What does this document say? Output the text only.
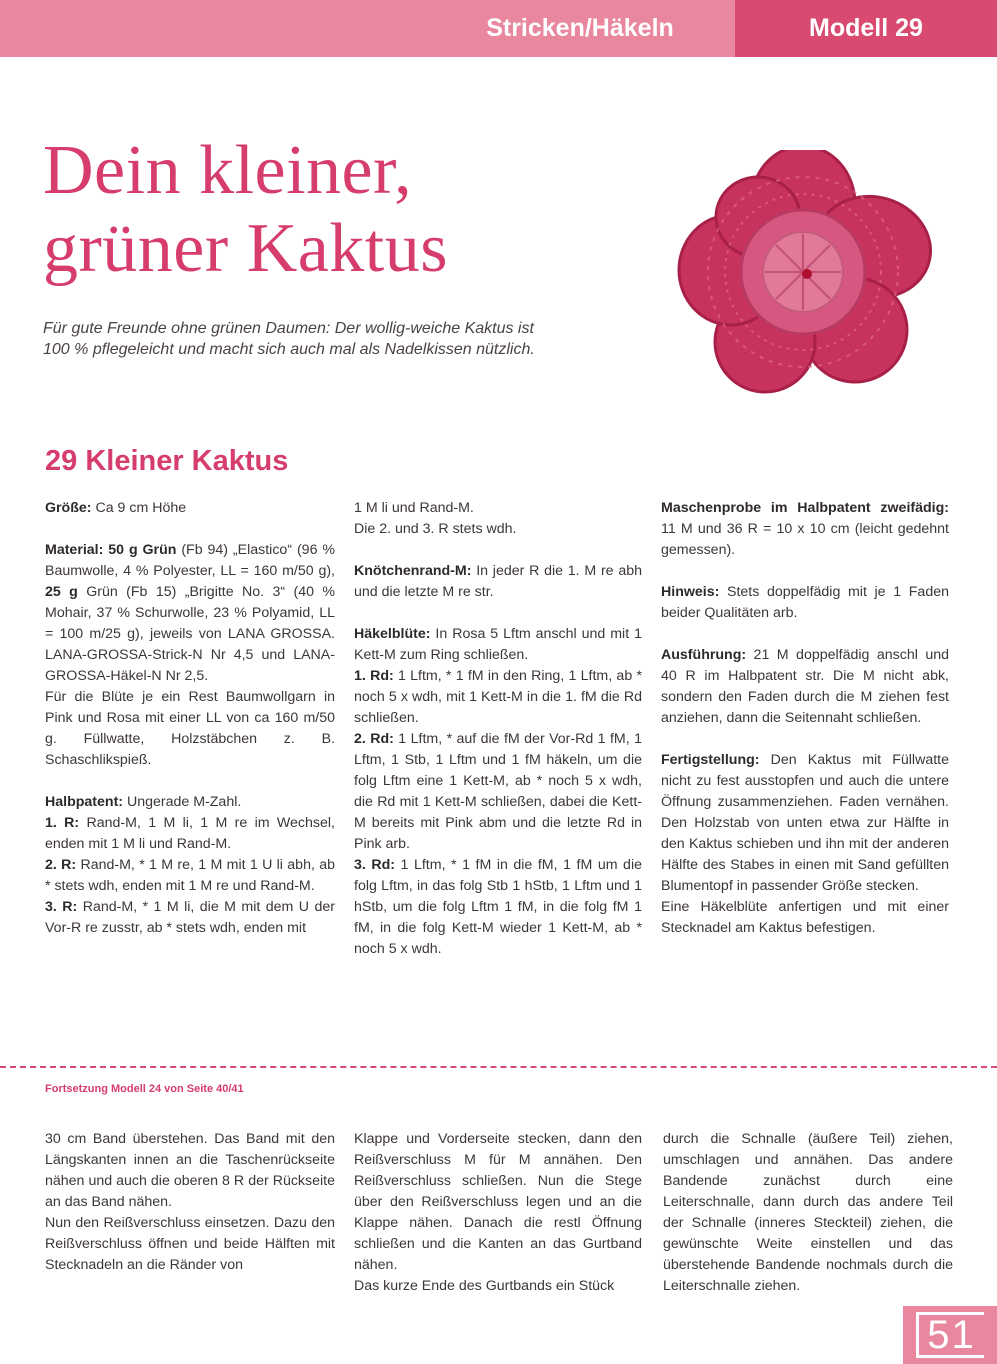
Stricken/Häkeln	Modell 29
Dein kleiner,
grüner Kaktus
Für gute Freunde ohne grünen Daumen: Der wollig-weiche Kaktus ist 100 % pflegeleicht und macht sich auch mal als Nadelkissen nützlich.
29 Kleiner Kaktus

Größe: Ca 9 cm Höhe

Material: 50 g Grün (Fb 94) „Elastico“ (96 % Baumwolle, 4 % Polyester, LL = 160 m/50 g), 25 g Grün (Fb 15) „Brigitte No. 3“ (40 % Mohair, 37 % Schurwolle, 23 % Polyamid, LL = 100 m/25 g), jeweils von LANA GROSSA. LANA-GROSSA-Strick-N Nr 4,5 und LANA-GROSSA-Häkel-N Nr 2,5.

Für die Blüte je ein Rest Baumwollgarn in Pink und Rosa mit einer LL von ca 160 m/50 g. Füllwatte, Holzstäbchen z. B. Schaschlikspieß.

Halbpatent: Ungerade M-Zahl.

1. R: Rand-M, 1 M li, 1 M re im Wechsel, enden mit 1 M li und Rand-M.

2. R: Rand-M, * 1 M re, 1 M mit 1 U li abh, ab * stets wdh, enden mit 1 M re und Rand-M.

3. R: Rand-M, * 1 M li, die M mit dem U der Vor-R re zusstr, ab * stets wdh, enden mit

1 M li und Rand-M.

Die 2. und 3. R stets wdh.

Knötchenrand-M: In jeder R die 1. M re abh und die letzte M re str.

Häkelblüte: In Rosa 5 Lftm anschl und mit 1 Kett-M zum Ring schließen.

1. Rd: 1 Lftm, * 1 fM in den Ring, 1 Lftm, ab * noch 5 x wdh, mit 1 Kett-M in die 1. fM die Rd schließen.

2. Rd: 1 Lftm, * auf die fM der Vor-Rd 1 fM, 1 Lftm, 1 Stb, 1 Lftm und 1 fM häkeln, um die folg Lftm eine 1 Kett-M, ab * noch 5 x wdh, die Rd mit 1 Kett-M schließen, dabei die Kett-M bereits mit Pink abm und die letzte Rd in Pink arb.

3. Rd: 1 Lftm, * 1 fM in die fM, 1 fM um die folg Lftm, in das folg Stb 1 hStb, 1 Lftm und 1 hStb, um die folg Lftm 1 fM, in die folg fM 1 fM, in die folg Kett-M wieder 1 Kett-M, ab * noch 5 x wdh.

Maschenprobe im Halbpatent zweifädig: 11 M und 36 R = 10 x 10 cm (leicht gedehnt gemessen).

Hinweis: Stets doppelfädig mit je 1 Faden beider Qualitäten arb.

Ausführung: 21 M doppelfädig anschl und 40 R im Halbpatent str. Die M nicht abk, sondern den Faden durch die M ziehen fest anziehen, dann die Seitennaht schließen.

Fertigstellung: Den Kaktus mit Füllwatte nicht zu fest ausstopfen und auch die untere Öffnung zusammenziehen. Faden vernähen. Den Holzstab von unten etwa zur Hälfte in den Kaktus schieben und ihn mit der anderen Hälfte des Stabes in einen mit Sand gefüllten Blumentopf in passender Größe stecken.

Eine Häkelblüte anfertigen und mit einer Stecknadel am Kaktus befestigen.

Fortsetzung Modell 24 von Seite 40/41

30 cm Band überstehen. Das Band mit den Längskanten innen an die Taschenrückseite nähen und auch die oberen 8 R der Rückseite an das Band nähen.

Nun den Reißverschluss einsetzen. Dazu den Reißverschluss öffnen und beide Hälften mit Stecknadeln an die Ränder von

Klappe und Vorderseite stecken, dann den Reißverschluss M für M annähen. Den Reißverschluss schließen. Nun die Stege über den Reißverschluss legen und an die Klappe nähen. Danach die restl Öffnung schließen und die Kanten an das Gurtband nähen.

Das kurze Ende des Gurtbands ein Stück

durch die Schnalle (äußere Teil) ziehen, umschlagen und annähen. Das andere Bandende zunächst durch eine Leiterschnalle, dann durch das andere Teil der Schnalle (inneres Steckteil) ziehen, die gewünschte Weite einstellen und das überstehende Bandende nochmals durch die Leiterschnalle ziehen.

51
